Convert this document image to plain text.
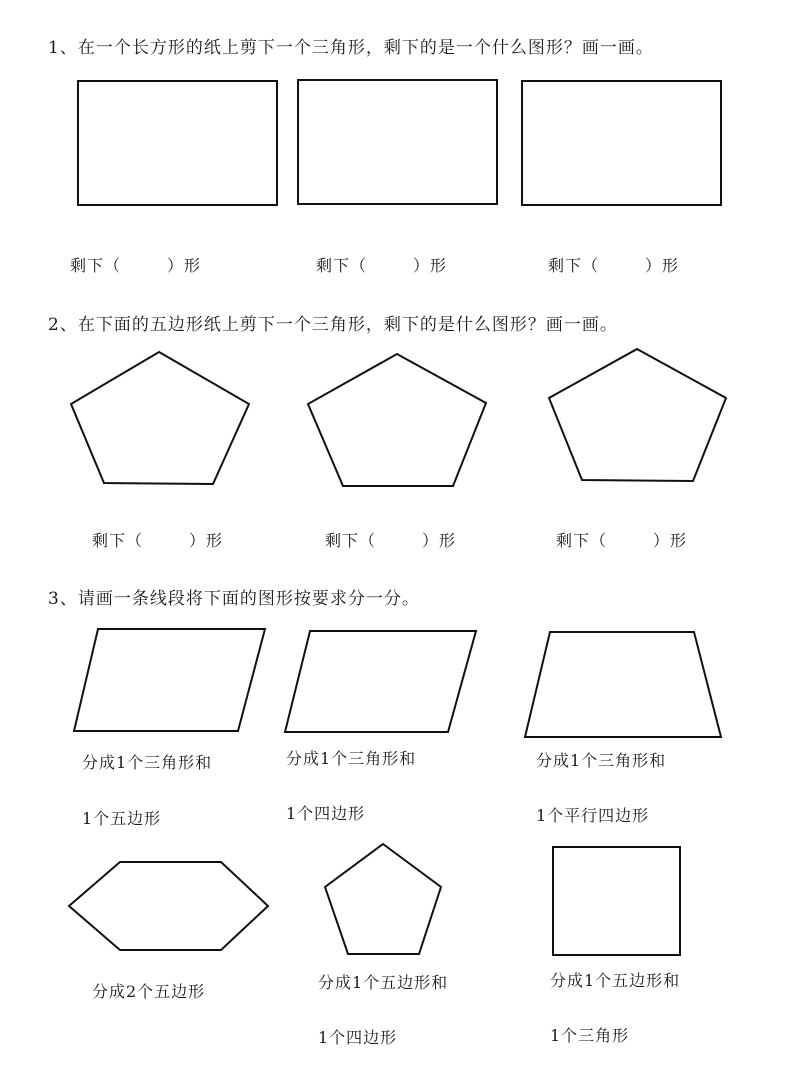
1、在一个长方形的纸上剪下一个三角形，剩下的是一个什么图形？画一画。
剩下（	）形	剩下（	）形	剩下（	）形
2、在下面的五边形纸上剪下一个三角形，剩下的是什么图形？画一画。
剩下（	）形	剩下（	）形	剩下（	）形
3、请画一条线段将下面的图形按要求分一分。
分成1个三角形和
1个五边形
分成1个三角形和
1个四边形
分成1个三角形和
1个平行四边形
分成2个五边形	分成1个五边形和
1个四边形
分成1个五边形和
1个三角形
